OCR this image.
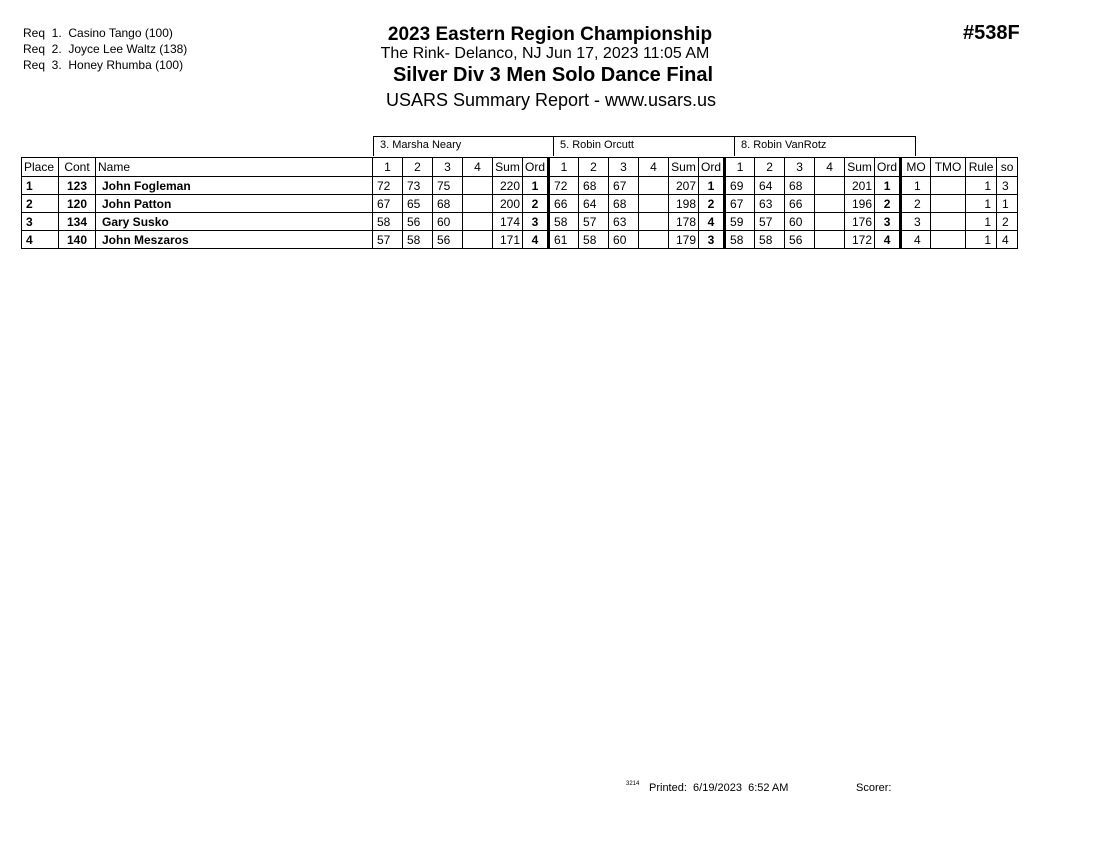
Req  1.  Casino Tango (100)
Req  2.  Joyce Lee Waltz (138)
Req  3.  Honey Rhumba (100)
2023 Eastern Region Championship
The Rink- Delanco, NJ Jun 17, 2023 11:05 AM
Silver Div 3 Men Solo Dance Final
USARS Summary Report - www.usars.us
#538F
3. Marsha Neary	5. Robin Orcutt	8. Robin VanRotz
Place	Cont	Name	1	2	3	4	Sum	Ord	1	2	3	4	Sum	Ord	1	2	3	4	Sum	Ord	MO	TMO	Rule	so
1	123	John Fogleman	72	73	75		220	1	72	68	67		207	1	69	64	68		201	1	1		1	3
2	120	John Patton	67	65	68		200	2	66	64	68		198	2	67	63	66		196	2	2		1	1
3	134	Gary Susko	58	56	60		174	3	58	57	63		178	4	59	57	60		176	3	3		1	2
4	140	John Meszaros	57	58	56		171	4	61	58	60		179	3	58	58	56		172	4	4		1	4
3214 Printed:  6/19/2023  6:52 AM	Scorer:
